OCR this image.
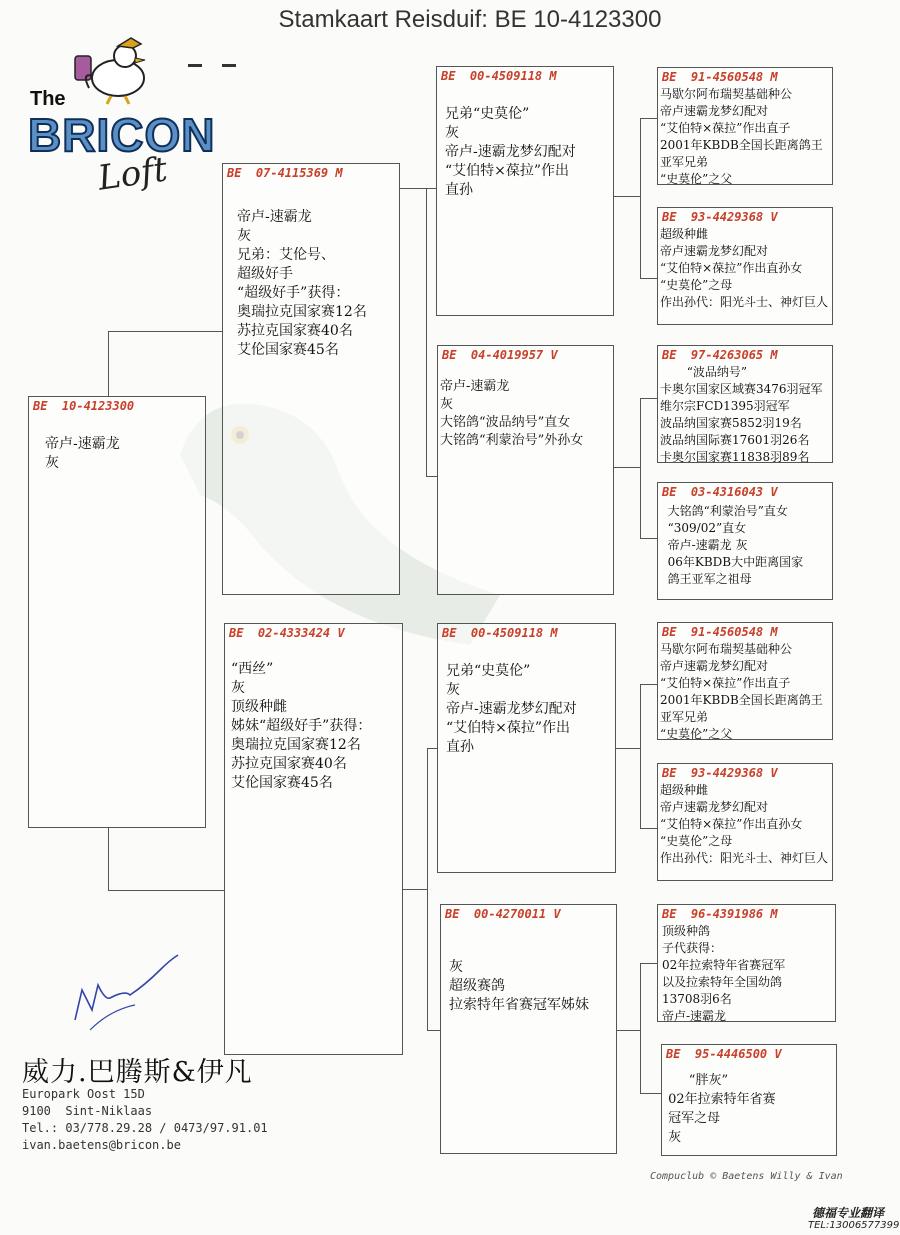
Stamkaart Reisduif: BE 10-4123300
The
BRICON
Loft
BE  10-4123300
帝卢-速霸龙
灰
BE  07-4115369 M
帝卢-速霸龙
灰
兄弟：艾伦号、
超级好手
“超级好手”获得：
奥瑞拉克国家赛12名
苏拉克国家赛40名
艾伦国家赛45名
BE  02-4333424 V
“西丝”
灰
顶级种雌
姊妹“超级好手”获得：
奥瑞拉克国家赛12名
苏拉克国家赛40名
艾伦国家赛45名
BE  00-4509118 M
兄弟“史莫伦”
灰
帝卢-速霸龙梦幻配对
“艾伯特×葆拉”作出
直孙
BE  04-4019957 V
帝卢-速霸龙
灰
大铭鸽“波品纳号”直女
大铭鸽“利蒙治号”外孙女
BE  00-4509118 M
兄弟“史莫伦”
灰
帝卢-速霸龙梦幻配对
“艾伯特×葆拉”作出
直孙
BE  00-4270011 V

灰
超级赛鸽
拉索特年省赛冠军姊妹
BE  91-4560548 M
马歇尔阿布瑞契基础种公
帝卢速霸龙梦幻配对
“艾伯特×葆拉”作出直子
2001年KBDB全国长距离鸽王
亚军兄弟
“史莫伦”之父
BE  93-4429368 V
超级种雌
帝卢速霸龙梦幻配对
“艾伯特×葆拉”作出直孙女
“史莫伦”之母
作出孙代：阳光斗士、神灯巨人
BE  97-4263065 M
“波品纳号”
卡奥尔国家区域赛3476羽冠军
维尔宗FCD1395羽冠军
波品纳国家赛5852羽19名
波品纳国际赛17601羽26名
卡奥尔国家赛11838羽89名
BE  03-4316043 V
大铭鸽“利蒙治号”直女
“309/02”直女
帝卢-速霸龙 灰
06年KBDB大中距离国家
鸽王亚军之祖母
BE  91-4560548 M
马歇尔阿布瑞契基础种公
帝卢速霸龙梦幻配对
“艾伯特×葆拉”作出直子
2001年KBDB全国长距离鸽王
亚军兄弟
“史莫伦”之父
BE  93-4429368 V
超级种雌
帝卢速霸龙梦幻配对
“艾伯特×葆拉”作出直孙女
“史莫伦”之母
作出孙代：阳光斗士、神灯巨人
BE  96-4391986 M
顶级种鸽
子代获得：
02年拉索特年省赛冠军
以及拉索特年全国幼鸽
13708羽6名
帝卢-速霸龙
BE  95-4446500 V
“胖灰”
02年拉索特年省赛
冠军之母
灰
威力.巴腾斯&伊凡
Europark Oost 15D
9100  Sint-Niklaas
Tel.: 03/778.29.28 / 0473/97.91.01
ivan.baetens@bricon.be
Compuclub © Baetens Willy & Ivan
德福专业翻译
TEL:13006577399
